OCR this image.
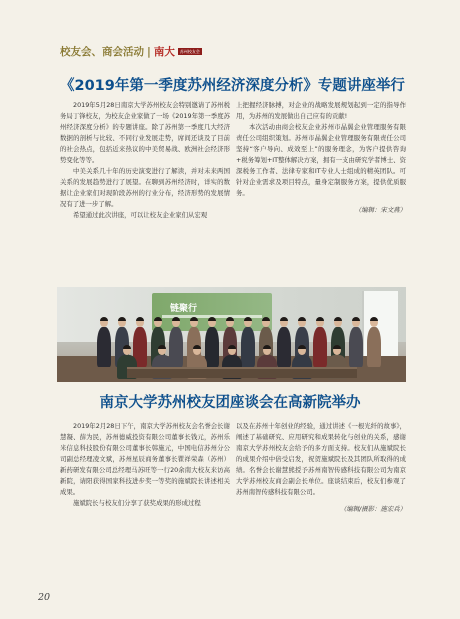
校友会、商会活动 | 南大	苏州校友会
《2019年第一季度苏州经济深度分析》专题讲座举行

2019年5月28日南京大学苏州校友会特别邀请了苏州税务局丁锋校友，为校友企业家做了一场《2019年第一季度苏州经济深度分析》的专题讲座。除了苏州第一季度几大经济数据的剖析与比较、不同行业发展走势，席间还谈及了目前的社会热点，包括近来热议的中美贸易战、欧洲社会经济形势变化等等。

中美关系几十年的历史演变进行了解读，并对未来两国关系的发展趋势进行了展望。在聊到苏州经济时，详实的数据让企业家们对现阶段苏州的行业分布，经济形势的发展情况有了进一步了解。

希望通过此次讲座，可以让校友企业家们从宏观

上把握经济脉搏，对企业的战略发展规划起到一定的指导作用，为苏州的发展做出自己应有的贡献!

本次活动由商会校友企业苏州市晶翼企业管理服务有限责任公司组织策划。苏州市晶翼企业管理服务有限责任公司坚持“客户导向、成效至上”的服务理念，为客户提供咨询+税务筹划+IT整体解决方案，拥有一支由研究学者博士、资深税务工作者、法律专家和IT专业人士组成的精英团队。可针对企业需求及项目特点，量身定制服务方案，提供优质服务。

（编辑：宋文燕）

链聚行
南京大学苏州校友团座谈会在高新院举办

2019年2月28日下午，南京大学苏州校友会名誉会长谢慧凝、薛为民，苏州德威投资有限公司董事长钱元，苏州乐米信息科技股份有限公司董事长韩施元，中国电信苏州分公司副总经理凌文斌，苏州星辰商务董事长瞿祥荣森（苏州）新药研发有限公司总经理马苏旺等一行20余南大校友来访高新院，请阳获得国家科技进步奖一等奖的施斌院长讲述相关成果。

施斌院长与校友们分享了获奖成果的形成过程

以及在苏州十年创业的经验，通过讲述《一根光纤的故事》，阐述了基础研究、应用研究和成果转化与创业的关系，感谢南京大学苏州校友会给予的多方面支持。校友们从施斌院长的成果介绍中倍受启发，祝贺施斌院长及其团队所取得的成绩。名誉会长谢慧熊授予苏州南智传感科技有限公司为南京大学苏州校友商会副会长单位。座谈结束后，校友们参观了苏州南智传感科技有限公司。

（编辑/摄影：施宏兵）

20
